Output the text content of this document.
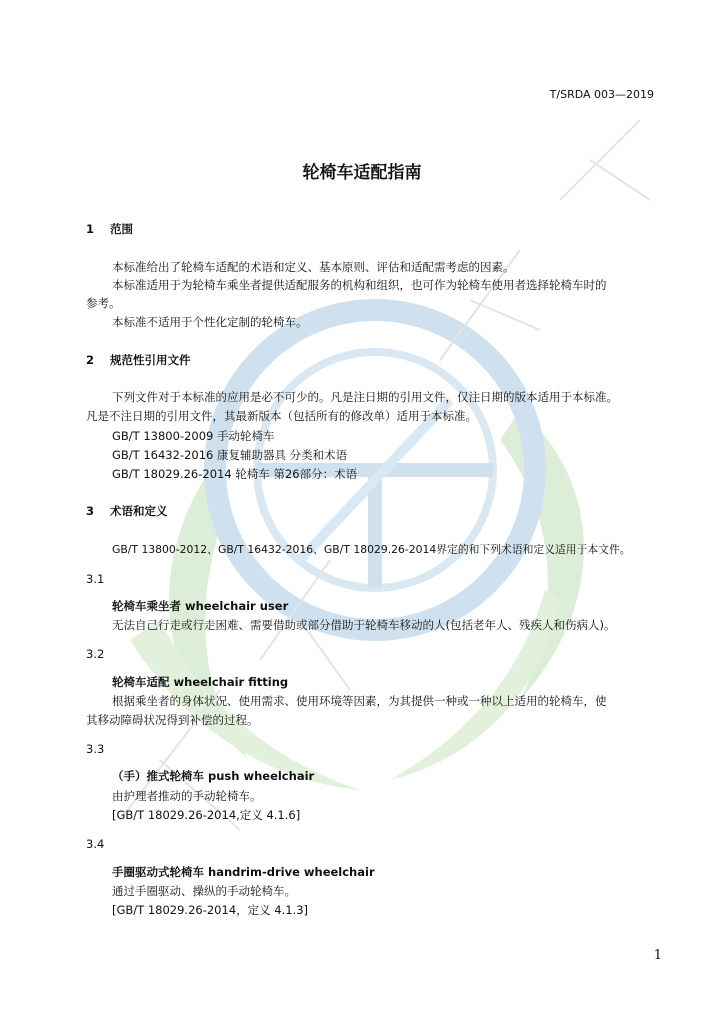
T/SRDA 003—2019
轮椅车适配指南
1 范围
本标准给出了轮椅车适配的术语和定义、基本原则、评估和适配需考虑的因素。
本标准适用于为轮椅车乘坐者提供适配服务的机构和组织，也可作为轮椅车使用者选择轮椅车时的
参考。
本标准不适用于个性化定制的轮椅车。
2 规范性引用文件
下列文件对于本标准的应用是必不可少的。凡是注日期的引用文件，仅注日期的版本适用于本标准。
凡是不注日期的引用文件，其最新版本（包括所有的修改单）适用于本标准。
GB/T 13800-2009 手动轮椅车
GB/T 16432-2016 康复辅助器具 分类和术语
GB/T 18029.26-2014 轮椅车 第26部分：术语
3 术语和定义
GB/T 13800-2012、GB/T 16432-2016、GB/T 18029.26-2014界定的和下列术语和定义适用于本文件。
3.1
轮椅车乘坐者 wheelchair user
无法自己行走或行走困难、需要借助或部分借助于轮椅车移动的人(包括老年人、残疾人和伤病人)。
3.2
轮椅车适配 wheelchair fitting
根据乘坐者的身体状况、使用需求、使用环境等因素，为其提供一种或一种以上适用的轮椅车，使
其移动障碍状况得到补偿的过程。
3.3
（手）推式轮椅车 push wheelchair
由护理者推动的手动轮椅车。
[GB/T 18029.26-2014,定义 4.1.6]
3.4
手圈驱动式轮椅车 handrim-drive wheelchair
通过手圈驱动、操纵的手动轮椅车。
[GB/T 18029.26-2014，定义 4.1.3]
1
